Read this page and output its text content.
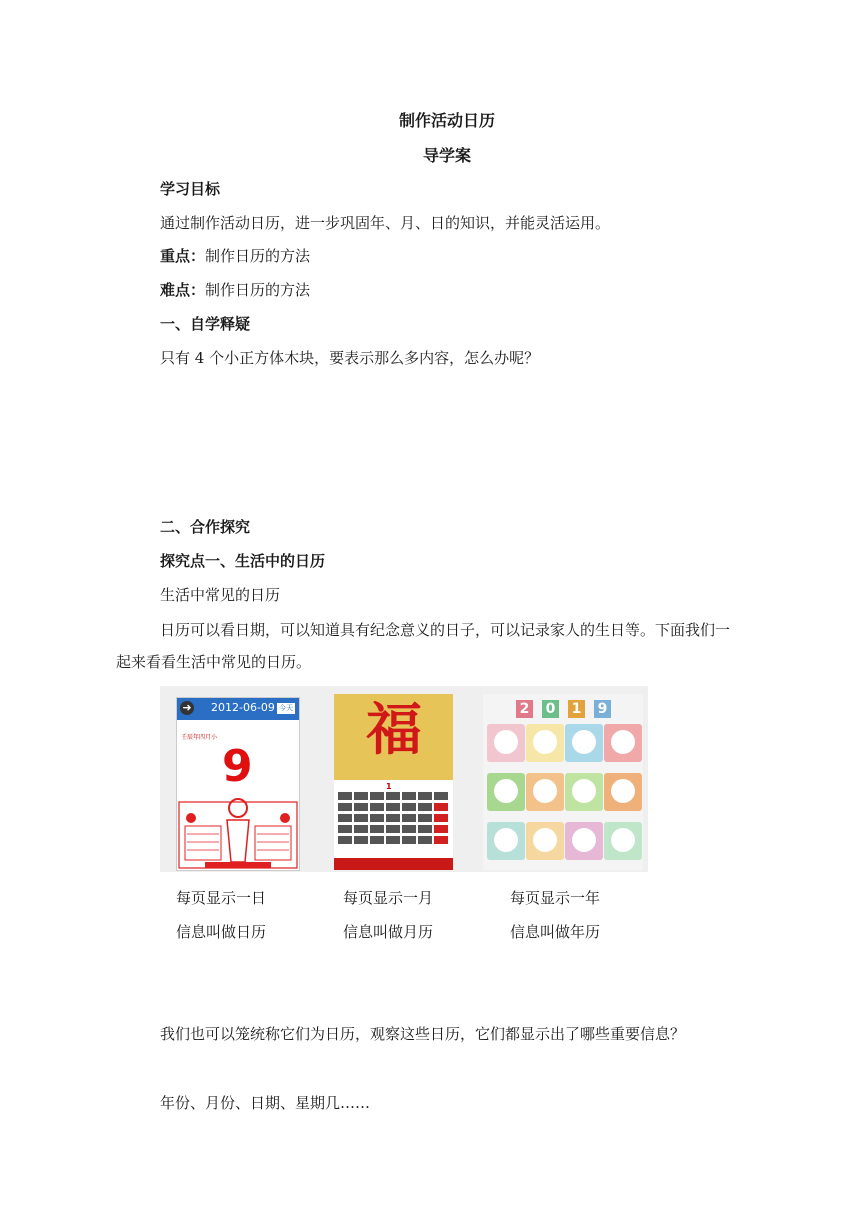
制作活动日历
导学案
学习目标
通过制作活动日历，进一步巩固年、月、日的知识，并能灵活运用。
重点：制作日历的方法
难点：制作日历的方法
一、自学释疑
只有 4 个小正方体木块，要表示那么多内容，怎么办呢？
二、合作探究
探究点一、生活中的日历
生活中常见的日历
日历可以看日期，可以知道具有纪念意义的日子，可以记录家人的生日等。下面我们一
起来看看生活中常见的日历。
➜ 2012-06-09 今天
壬辰年四月小
9
福
1
2 0 1 9
每页显示一日
信息叫做日历
每页显示一月
信息叫做月历
每页显示一年
信息叫做年历
我们也可以笼统称它们为日历，观察这些日历，它们都显示出了哪些重要信息？
年份、月份、日期、星期几……
